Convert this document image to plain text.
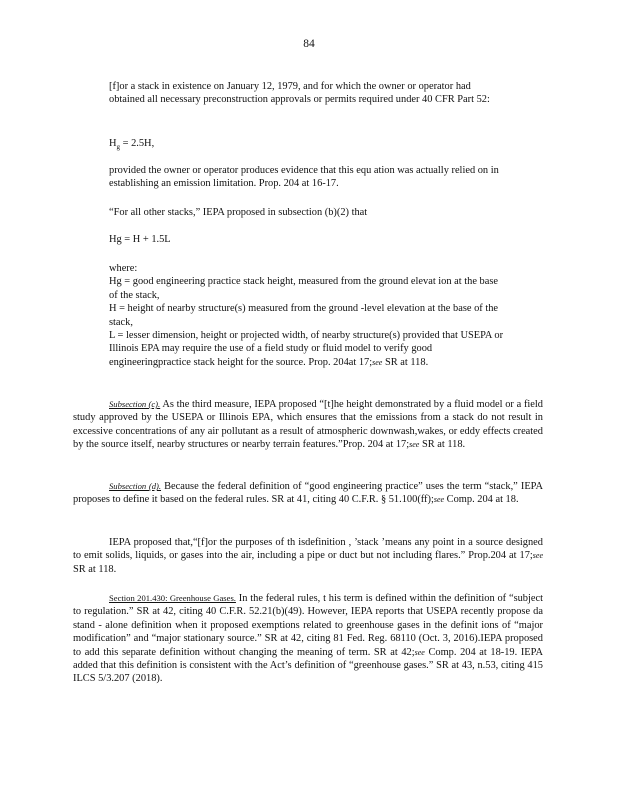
84

[f]or a stack in existence on January 12, 1979, and for which the owner or operator had obtained all necessary preconstruction approvals or permits required under 40 CFR Part 52:

$H_g = 2.5H$,

provided the owner or operator produces evidence that this equ ation was actually relied on in establishing an emission limitation. Prop. 204 at 16-17.

“For all other stacks,” IEPA proposed in subsection (b)(2) that

Hg = H + 1.5L

where:

Hg = good engineering practice stack height, measured from the ground elevat ion at the base of the stack,

H = height of nearby structure(s) measured from the ground -level elevation at the base of the stack,

L = lesser dimension, height or projected width, of nearby structure(s) provided that USEPA or Illinois EPA may require the use of a field study or fluid model to verify good engineeringpractice stack height for the source. Prop. 204at 17;see SR at 118.

Subsection (c). As the third measure, IEPA proposed “[t]he height demonstrated by a fluid model or a field study approved by the USEPA or Illinois EPA, which ensures that the emissions from a stack do not result in excessive concentrations of any air pollutant as a result of atmospheric downwash,wakes, or eddy effects created by the source itself, nearby structures or nearby terrain features.”Prop. 204 at 17;see SR at 118.

Subsection (d). Because the federal definition of “good engineering practice” uses the term “stack,” IEPA proposes to define it based on the federal rules. SR at 41, citing 40 C.F.R. § 51.100(ff);see Comp. 204 at 18.

IEPA proposed that,“[f]or the purposes of th isdefinition , ’stack ’means any point in a source designed to emit solids, liquids, or gases into the air, including a pipe or duct but not including flares.” Prop.204 at 17;see SR at 118.

Section 201.430: Greenhouse Gases. In the federal rules, t his term is defined within the definition of “subject to regulation.” SR at 42, citing 40 C.F.R. 52.21(b)(49). However, IEPA reports that USEPA recently propose da stand - alone definition when it proposed exemptions related to greenhouse gases in the definit ions of “major modification” and “major stationary source.” SR at 42, citing 81 Fed. Reg. 68110 (Oct. 3, 2016).IEPA proposed to add this separate definition without changing the meaning of term. SR at 42;see Comp. 204 at 18-19. IEPA added that this definition is consistent with the Act’s definition of “greenhouse gases.” SR at 43, n.53, citing 415 ILCS 5/3.207 (2018).
